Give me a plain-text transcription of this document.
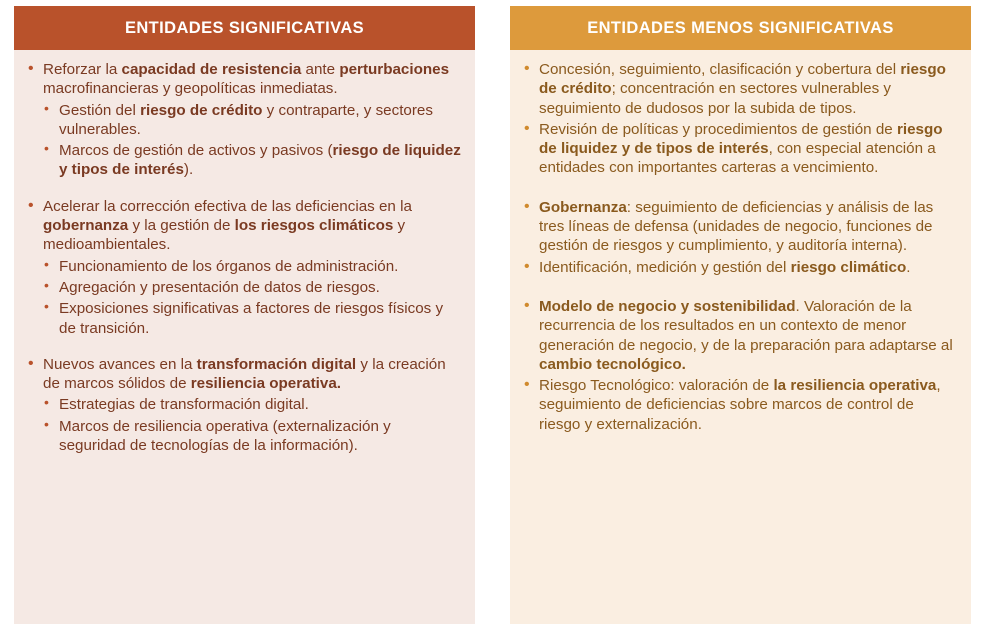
ENTIDADES SIGNIFICATIVAS
• Reforzar la capacidad de resistencia ante perturbaciones macrofinancieras y geopolíticas inmediatas.
• Gestión del riesgo de crédito y contraparte, y sectores vulnerables.
• Marcos de gestión de activos y pasivos (riesgo de liquidez y tipos de interés).
• Acelerar la corrección efectiva de las deficiencias en la gobernanza y la gestión de los riesgos climáticos y medioambientales.
• Funcionamiento de los órganos de administración.
• Agregación y presentación de datos de riesgos.
• Exposiciones significativas a factores de riesgos físicos y de transición.
• Nuevos avances en la transformación digital y la creación de marcos sólidos de resiliencia operativa.
• Estrategias de transformación digital.
• Marcos de resiliencia operativa (externalización y seguridad de tecnologías de la información).
ENTIDADES MENOS SIGNIFICATIVAS
• Concesión, seguimiento, clasificación y cobertura del riesgo de crédito; concentración en sectores vulnerables y seguimiento de dudosos por la subida de tipos.
• Revisión de políticas y procedimientos de gestión de riesgo de liquidez y de tipos de interés, con especial atención a entidades con importantes carteras a vencimiento.
• Gobernanza: seguimiento de deficiencias y análisis de las tres líneas de defensa (unidades de negocio, funciones de gestión de riesgos y cumplimiento, y auditoría interna).
• Identificación, medición y gestión del riesgo climático.
• Modelo de negocio y sostenibilidad. Valoración de la recurrencia de los resultados en un contexto de menor generación de negocio, y de la preparación para adaptarse al cambio tecnológico.
• Riesgo Tecnológico: valoración de la resiliencia operativa, seguimiento de deficiencias sobre marcos de control de riesgo y externalización.
